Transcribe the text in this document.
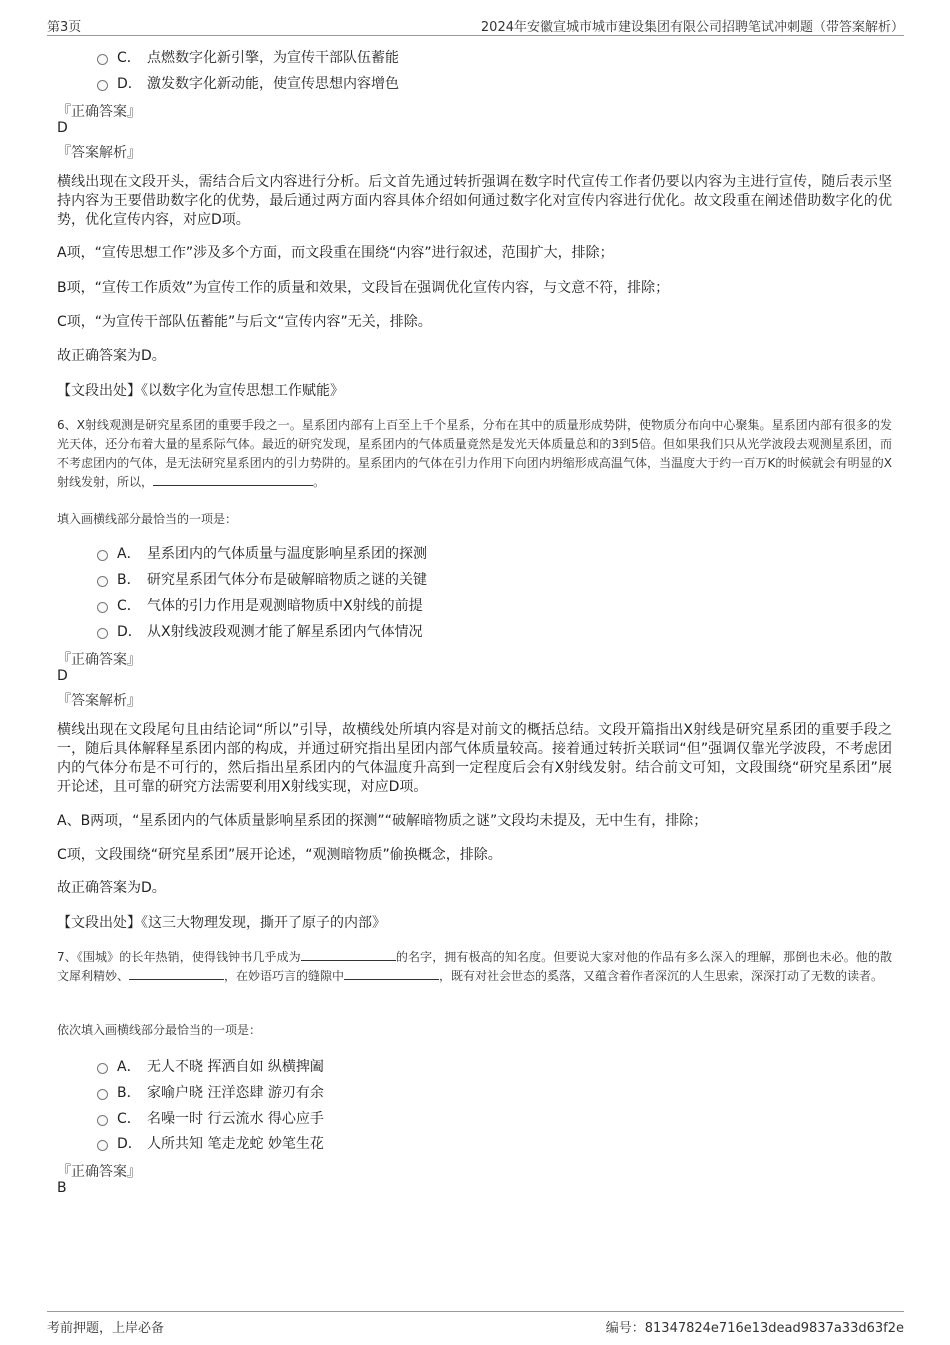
第3页	2024年安徽宣城市城市建设集团有限公司招聘笔试冲刺题（带答案解析）
C． 点燃数字化新引擎，为宣传干部队伍蓄能
D． 激发数字化新动能，使宣传思想内容增色
『正确答案』
D
『答案解析』
横线出现在文段开头，需结合后文内容进行分析。后文首先通过转折强调在数字时代宣传工作者仍要以内容为主进行宣传，随后表示坚持内容为王要借助数字化的优势，最后通过两方面内容具体介绍如何通过数字化对宣传内容进行优化。故文段重在阐述借助数字化的优势，优化宣传内容，对应D项。
A项，“宣传思想工作”涉及多个方面，而文段重在围绕“内容”进行叙述，范围扩大，排除；
B项，“宣传工作质效”为宣传工作的质量和效果，文段旨在强调优化宣传内容，与文意不符，排除；
C项，“为宣传干部队伍蓄能”与后文“宣传内容”无关，排除。
故正确答案为D。
【文段出处】《以数字化为宣传思想工作赋能》
6、X射线观测是研究星系团的重要手段之一。星系团内部有上百至上千个星系，分布在其中的质量形成势阱，使物质分布向中心聚集。星系团内部有很多的发光天体，还分布着大量的星系际气体。最近的研究发现，星系团内的气体质量竟然是发光天体质量总和的3到5倍。但如果我们只从光学波段去观测星系团，而不考虑团内的气体，是无法研究星系团内的引力势阱的。星系团内的气体在引力作用下向团内坍缩形成高温气体，当温度大于约一百万K的时候就会有明显的X射线发射，所以，	。
填入画横线部分最恰当的一项是：
A． 星系团内的气体质量与温度影响星系团的探测
B． 研究星系团气体分布是破解暗物质之谜的关键
C． 气体的引力作用是观测暗物质中X射线的前提
D． 从X射线波段观测才能了解星系团内气体情况
『正确答案』
D
『答案解析』
横线出现在文段尾句且由结论词“所以”引导，故横线处所填内容是对前文的概括总结。文段开篇指出X射线是研究星系团的重要手段之一，随后具体解释星系团内部的构成，并通过研究指出星团内部气体质量较高。接着通过转折关联词“但”强调仅靠光学波段，不考虑团内的气体分布是不可行的，然后指出星系团内的气体温度升高到一定程度后会有X射线发射。结合前文可知，文段围绕“研究星系团”展开论述，且可靠的研究方法需要利用X射线实现，对应D项。
A、B两项，“星系团内的气体质量影响星系团的探测”“破解暗物质之谜”文段均未提及，无中生有，排除；
C项，文段围绕“研究星系团”展开论述，“观测暗物质”偷换概念，排除。
故正确答案为D。
【文段出处】《这三大物理发现，撕开了原子的内部》
7、《围城》的长年热销，使得钱钟书几乎成为	的名字，拥有极高的知名度。但要说大家对他的作品有多么深入的理解，那倒也未必。他的散文犀利精妙、	，在妙语巧言的缝隙中	，既有对社会世态的奚落，又蕴含着作者深沉的人生思索，深深打动了无数的读者。
依次填入画横线部分最恰当的一项是：
A． 无人不晓 挥洒自如 纵横捭阖
B． 家喻户晓 汪洋恣肆 游刃有余
C． 名噪一时 行云流水 得心应手
D． 人所共知 笔走龙蛇 妙笔生花
『正确答案』
B
考前押题，上岸必备	编号：81347824e716e13dead9837a33d63f2e
